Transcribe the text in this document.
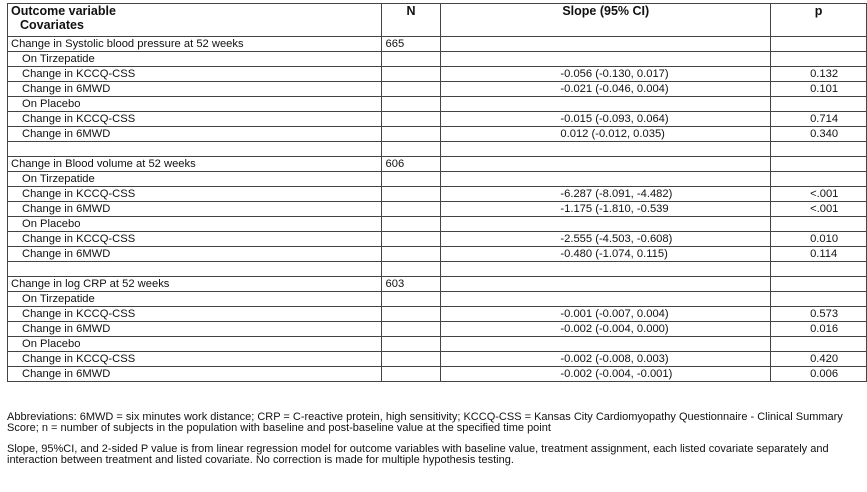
Outcome variable
Covariates	N	Slope (95% CI)	p
Change in Systolic blood pressure at 52 weeks	665		
On Tirzepatide			
Change in KCCQ-CSS		-0.056 (-0.130, 0.017)	0.132
Change in 6MWD		-0.021 (-0.046, 0.004)	0.101
On Placebo			
Change in KCCQ-CSS		-0.015 (-0.093, 0.064)	0.714
Change in 6MWD		0.012 (-0.012, 0.035)	0.340

Change in Blood volume at 52 weeks	606		
On Tirzepatide			
Change in KCCQ-CSS		-6.287 (-8.091, -4.482)	<.001
Change in 6MWD		-1.175 (-1.810, -0.539	<.001
On Placebo			
Change in KCCQ-CSS		-2.555 (-4.503, -0.608)	0.010
Change in 6MWD		-0.480 (-1.074, 0.115)	0.114

Change in log CRP at 52 weeks	603		
On Tirzepatide			
Change in KCCQ-CSS		-0.001 (-0.007, 0.004)	0.573
Change in 6MWD		-0.002 (-0.004, 0.000)	0.016
On Placebo			
Change in KCCQ-CSS		-0.002 (-0.008, 0.003)	0.420
Change in 6MWD		-0.002 (-0.004, -0.001)	0.006

Abbreviations: 6MWD = six minutes work distance; CRP = C-reactive protein, high sensitivity; KCCQ-CSS = Kansas City Cardiomyopathy Questionnaire - Clinical Summary Score; n = number of subjects in the population with baseline and post-baseline value at the specified time point

Slope, 95%CI, and 2-sided P value is from linear regression model for outcome variables with baseline value, treatment assignment, each listed covariate separately and interaction between treatment and listed covariate. No correction is made for multiple hypothesis testing.
